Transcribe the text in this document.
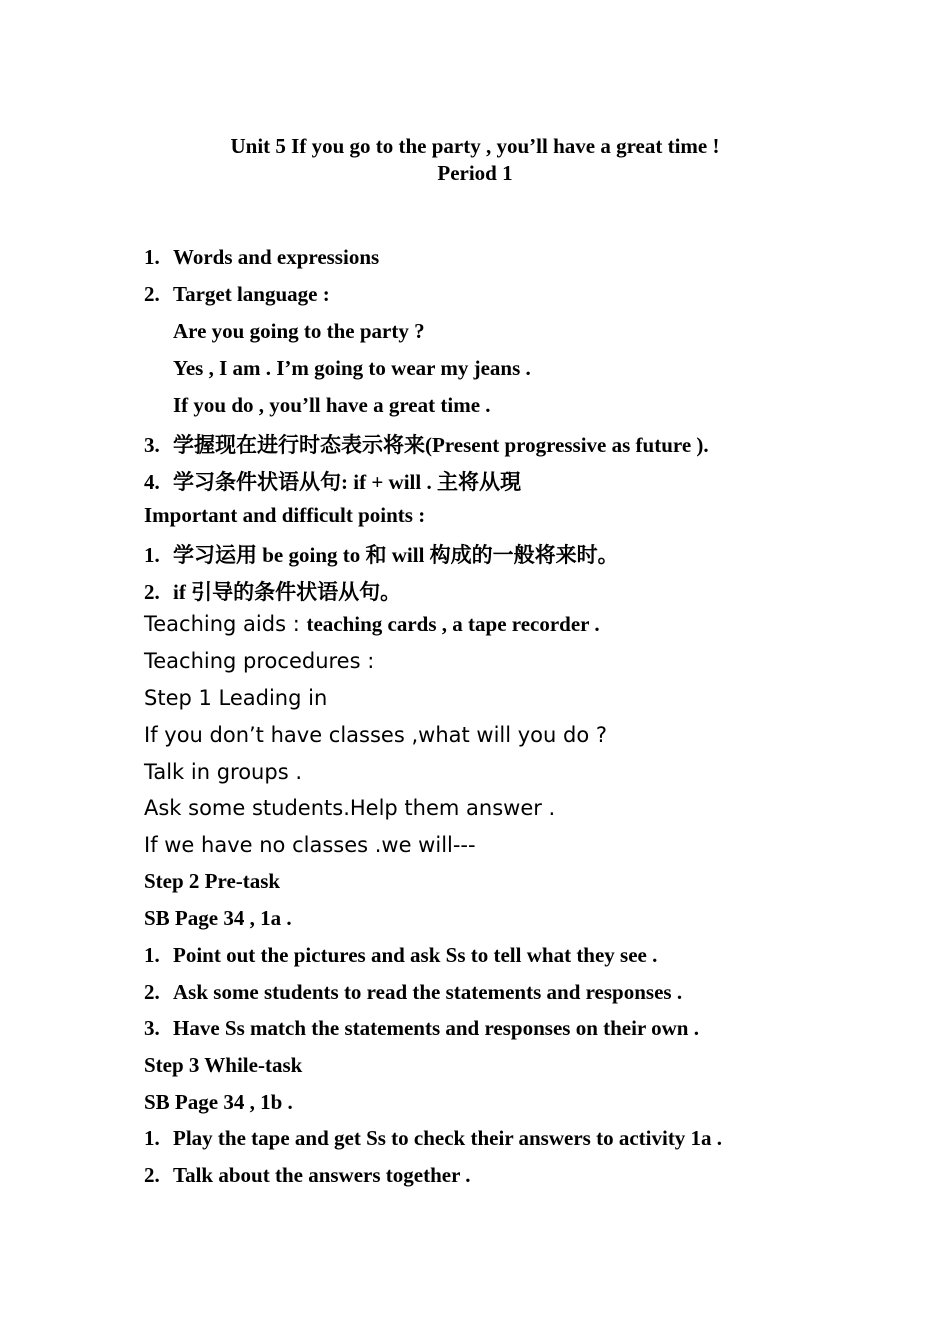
Unit 5 If you go to the party , you’ll have a great time !
Period 1
1. Words and expressions
2. Target language :
Are you going to the party ?
Yes , I am . I’m going to wear my jeans .
If you do , you’ll have a great time .
3. 学握现在进行时态表示将来(Present progressive as future ).
4. 学习条件状语从句: if + will . 主将从現
Important and difficult points :
1. 学习运用 be going to 和 will 构成的一般将来时。
2. if 引导的条件状语从句。
Teaching aids : teaching cards , a tape recorder .
Teaching procedures :
Step 1 Leading in
If you don’t have classes ,what will you do ?
Talk in groups .
Ask some students.Help them answer .
If we have no classes .we will---
Step 2 Pre-task
SB Page 34 , 1a .
1. Point out the pictures and ask Ss to tell what they see .
2. Ask some students to read the statements and responses .
3. Have Ss match the statements and responses on their own .
Step 3 While-task
SB Page 34 , 1b .
1. Play the tape and get Ss to check their answers to activity 1a .
2. Talk about the answers together .
